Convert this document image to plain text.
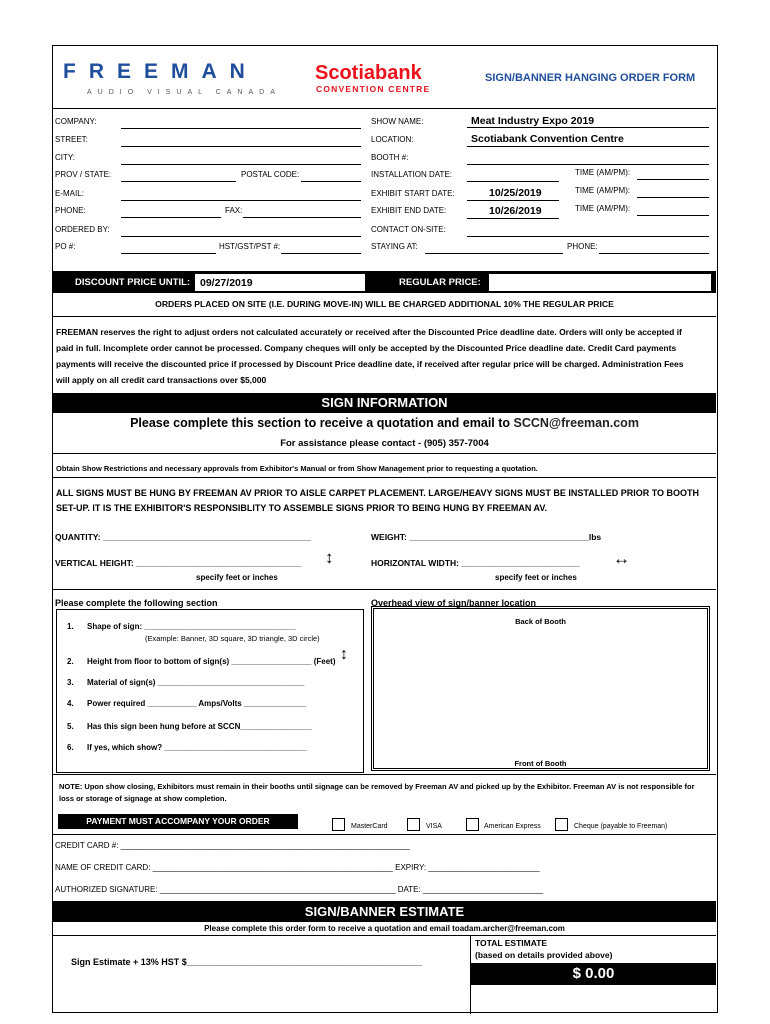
FREEMAN
AUDIO VISUAL CANADA
Scotiabank
CONVENTION CENTRE
SIGN/BANNER HANGING ORDER FORM
COMPANY:
STREET:
CITY:
PROV / STATE:	POSTAL CODE:
E-MAIL:
PHONE:	FAX:
ORDERED BY:
PO #:	HST/GST/PST #:
SHOW NAME:	Meat Industry Expo 2019
LOCATION:	Scotiabank Convention Centre
BOOTH #:
INSTALLATION DATE:	TIME (AM/PM):
EXHIBIT START DATE:	10/25/2019	TIME (AM/PM):
EXHIBIT END DATE:	10/26/2019	TIME (AM/PM):
CONTACT ON-SITE:
STAYING AT:	PHONE:
DISCOUNT PRICE UNTIL: 09/27/2019	REGULAR PRICE:
ORDERS PLACED ON SITE (I.E. DURING MOVE-IN) WILL BE CHARGED ADDITIONAL 10% THE REGULAR PRICE
FREEMAN reserves the right to adjust orders not calculated accurately or received after the Discounted Price deadline date. Orders will only be accepted if paid in full. Incomplete order cannot be processed. Company cheques will only be accepted by the Discounted Price deadline date. Credit Card payments payments will receive the discounted price if processed by Discount Price deadline date, if received after regular price will be charged. Administration Fees will apply on all credit card transactions over $5,000
SIGN INFORMATION
Please complete this section to receive a quotation and email to SCCN@freeman.com
For assistance please contact - (905) 357-7004
Obtain Show Restrictions and necessary approvals from Exhibitor's Manual or from Show Management prior to requesting a quotation.
ALL SIGNS MUST BE HUNG BY FREEMAN AV PRIOR TO AISLE CARPET PLACEMENT. LARGE/HEAVY SIGNS MUST BE INSTALLED PRIOR TO BOOTH SET-UP. IT IS THE EXHIBITOR'S RESPONSIBLITY TO ASSEMBLE SIGNS PRIOR TO BEING HUNG BY FREEMAN AV.
QUANTITY: ____________________________________________	WEIGHT: ______________________________________lbs
VERTICAL HEIGHT: ___________________________________ ↕	HORIZONTAL WIDTH: _________________________ ↔
specify feet or inches	specify feet or inches
Please complete the following section	Overhead view of sign/banner location
1. Shape of sign: __________________________________
(Example: Banner, 3D square, 3D triangle, 3D circle)
2. Height from floor to bottom of sign(s) __________________ (Feet) ↕
3. Material of sign(s) _________________________________
4. Power required ___________ Amps/Volts ______________
5. Has this sign been hung before at SCCN________________
6. If yes, which show? ________________________________
Back of Booth
Front of Booth
NOTE: Upon show closing, Exhibitors must remain in their booths until signage can be removed by Freeman AV and picked up by the Exhibitor. Freeman AV is not responsible for loss or storage of signage at show completion.
PAYMENT MUST ACCOMPANY YOUR ORDER
MasterCard	VISA	American Express	Cheque (payable to Freeman)
CREDIT CARD #: _________________________________________________________________
NAME OF CREDIT CARD: ______________________________________________________ EXPIRY: _________________________
AUTHORIZED SIGNATURE: _____________________________________________________ DATE: ___________________________
SIGN/BANNER ESTIMATE
Please complete this order form to receive a quotation and email toadam.archer@freeman.com
Sign Estimate + 13% HST $_______________________________________________
TOTAL ESTIMATE
(based on details provided above)
$ 0.00
